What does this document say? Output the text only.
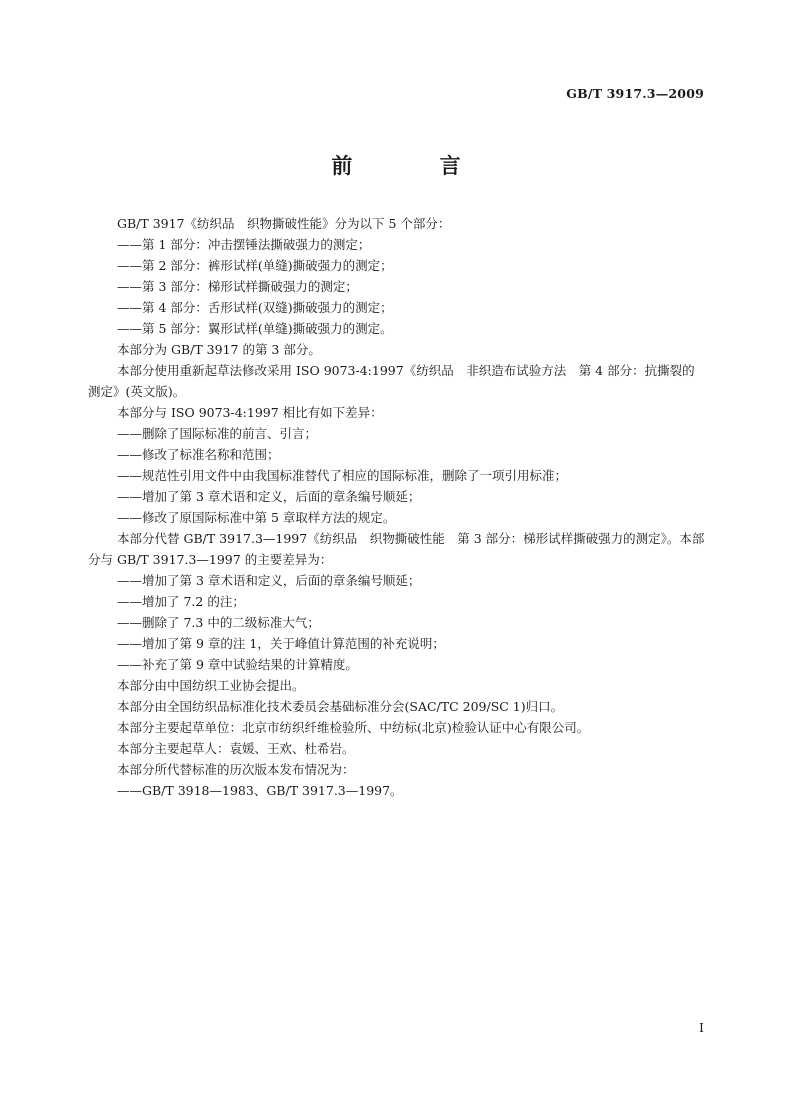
GB/T 3917.3—2009
前 言

GB/T 3917《纺织品　织物撕破性能》分为以下 5 个部分：

——第 1 部分：冲击摆锤法撕破强力的测定；

——第 2 部分：裤形试样(单缝)撕破强力的测定；

——第 3 部分：梯形试样撕破强力的测定；

——第 4 部分：舌形试样(双缝)撕破强力的测定；

——第 5 部分：翼形试样(单缝)撕破强力的测定。

本部分为 GB/T 3917 的第 3 部分。

本部分使用重新起草法修改采用 ISO 9073-4:1997《纺织品　非织造布试验方法　第 4 部分：抗撕裂的测定》(英文版)。

本部分与 ISO 9073-4:1997 相比有如下差异：

——删除了国际标准的前言、引言；

——修改了标准名称和范围；

——规范性引用文件中由我国标准替代了相应的国际标准，删除了一项引用标准；

——增加了第 3 章术语和定义，后面的章条编号顺延；

——修改了原国际标准中第 5 章取样方法的规定。

本部分代替 GB/T 3917.3—1997《纺织品　织物撕破性能　第 3 部分：梯形试样撕破强力的测定》。本部分与 GB/T 3917.3—1997 的主要差异为：

——增加了第 3 章术语和定义，后面的章条编号顺延；

——增加了 7.2 的注；

——删除了 7.3 中的二级标准大气；

——增加了第 9 章的注 1，关于峰值计算范围的补充说明；

——补充了第 9 章中试验结果的计算精度。

本部分由中国纺织工业协会提出。

本部分由全国纺织品标准化技术委员会基础标准分会(SAC/TC 209/SC 1)归口。

本部分主要起草单位：北京市纺织纤维检验所、中纺标(北京)检验认证中心有限公司。

本部分主要起草人：袁媛、王欢、杜希岩。

本部分所代替标准的历次版本发布情况为：

——GB/T 3918—1983、GB/T 3917.3—1997。

I
